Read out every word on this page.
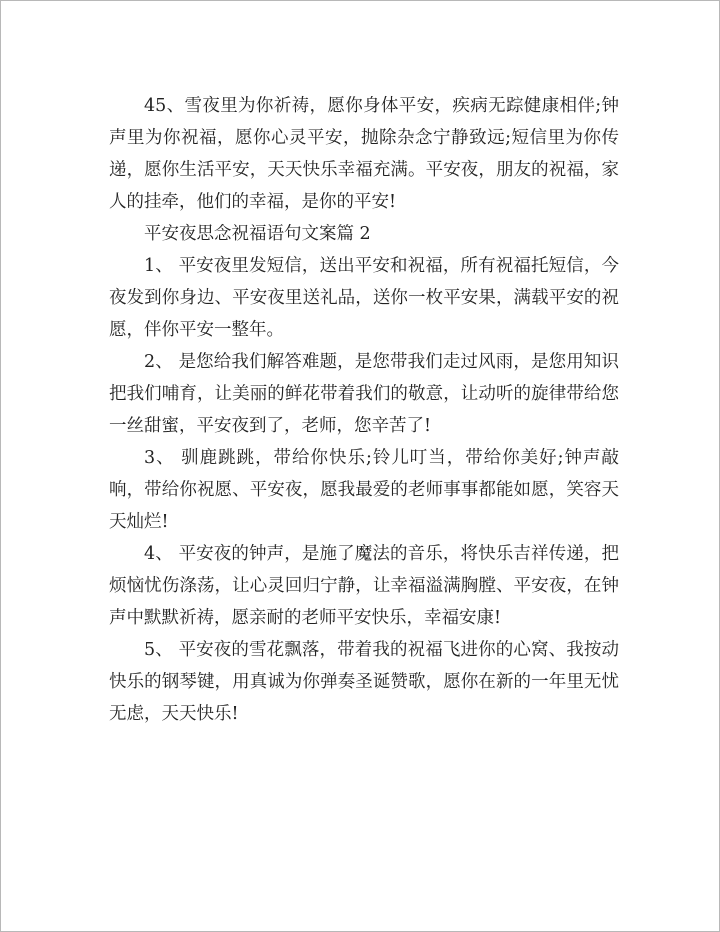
45、雪夜里为你祈祷，愿你身体平安，疾病无踪健康相伴;钟声里为你祝福，愿你心灵平安，抛除杂念宁静致远;短信里为你传递，愿你生活平安，天天快乐幸福充满。平安夜，朋友的祝福，家人的挂牵，他们的幸福，是你的平安!

平安夜思念祝福语句文案篇 2

1、 平安夜里发短信，送出平安和祝福，所有祝福托短信，今夜发到你身边、平安夜里送礼品，送你一枚平安果，满载平安的祝愿，伴你平安一整年。

2、 是您给我们解答难题，是您带我们走过风雨，是您用知识把我们哺育，让美丽的鲜花带着我们的敬意，让动听的旋律带给您一丝甜蜜，平安夜到了，老师，您辛苦了!

3、 驯鹿跳跳，带给你快乐;铃儿叮当，带给你美好;钟声敲响，带给你祝愿、平安夜，愿我最爱的老师事事都能如愿，笑容天天灿烂!

4、 平安夜的钟声，是施了魔法的音乐，将快乐吉祥传递，把烦恼忧伤涤荡，让心灵回归宁静，让幸福溢满胸膛、平安夜，在钟声中默默祈祷，愿亲耐的老师平安快乐，幸福安康!

5、 平安夜的雪花飘落，带着我的祝福飞进你的心窝、我按动快乐的钢琴键，用真诚为你弹奏圣诞赞歌，愿你在新的一年里无忧无虑，天天快乐!
